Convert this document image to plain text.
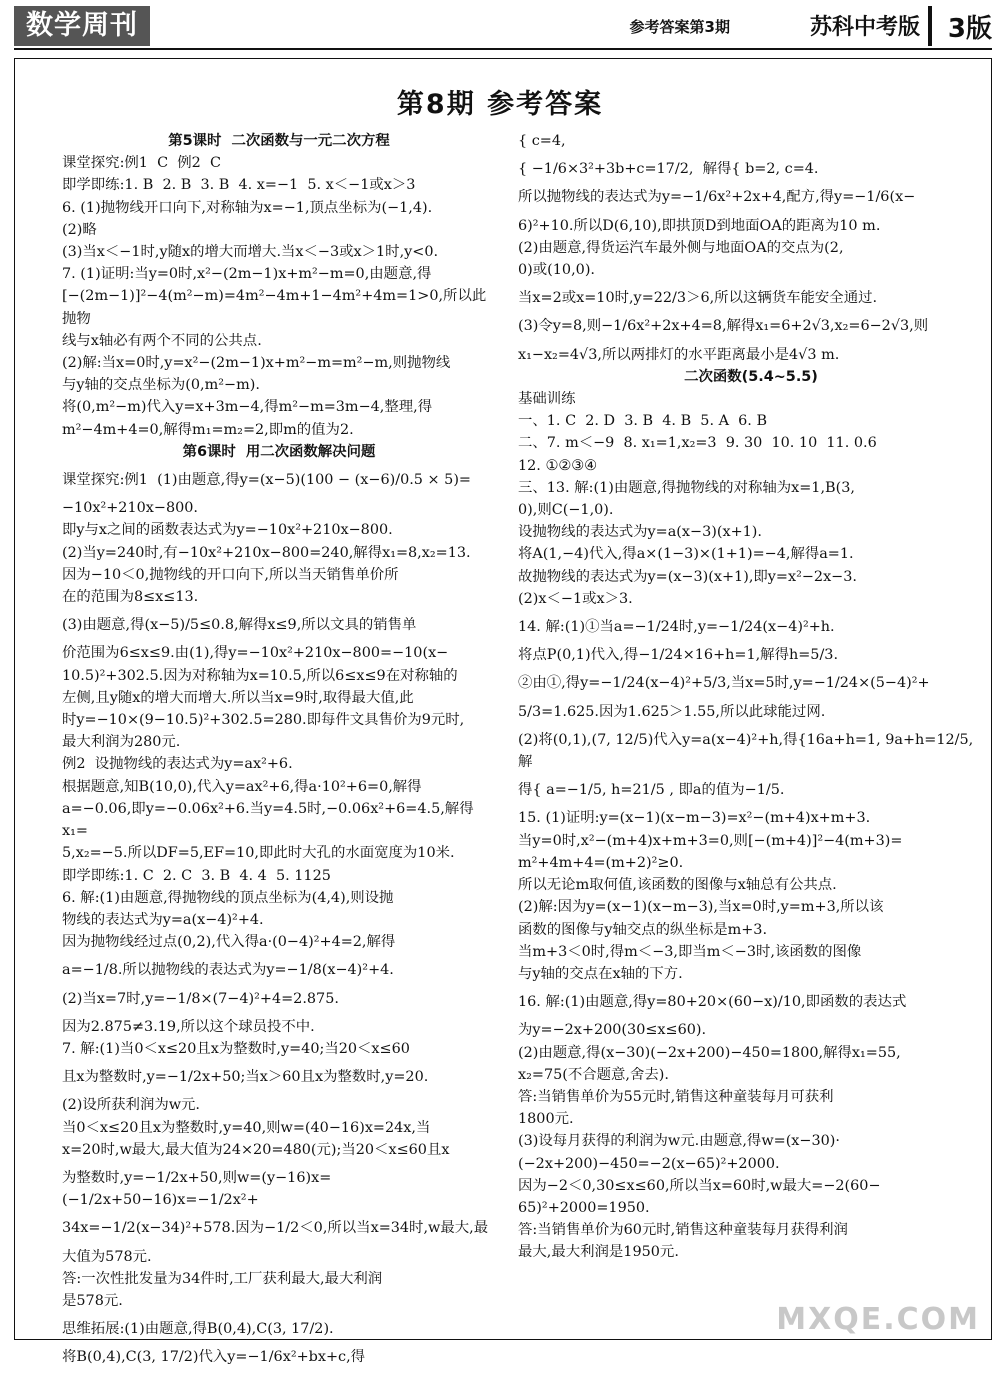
数学周刊	参考答案第3期	苏科中考版 3版
第8期 参考答案

第5课时  二次函数与一元二次方程

课堂探究:例1  C  例2  C

即学即练:1. B  2. B  3. B  4. x=−1  5. x＜−1或x＞3

6. (1)抛物线开口向下,对称轴为x=−1,顶点坐标为(−1,4).

(2)略

(3)当x＜−1时,y随x的增大而增大.当x＜−3或x＞1时,y<0.

7. (1)证明:当y=0时,x²−(2m−1)x+m²−m=0,由题意,得

[−(2m−1)]²−4(m²−m)=4m²−4m+1−4m²+4m=1>0,所以此抛物

线与x轴必有两个不同的公共点.

(2)解:当x=0时,y=x²−(2m−1)x+m²−m=m²−m,则抛物线

与y轴的交点坐标为(0,m²−m).

将(0,m²−m)代入y=x+3m−4,得m²−m=3m−4,整理,得

m²−4m+4=0,解得m₁=m₂=2,即m的值为2.

第6课时  用二次函数解决问题

课堂探究:例1  (1)由题意,得y=(x−5)(100 − (x−6)/0.5 × 5)=

−10x²+210x−800.

即y与x之间的函数表达式为y=−10x²+210x−800.

(2)当y=240时,有−10x²+210x−800=240,解得x₁=8,x₂=13.

因为−10＜0,抛物线的开口向下,所以当天销售单价所

在的范围为8≤x≤13.

(3)由题意,得(x−5)/5≤0.8,解得x≤9,所以文具的销售单

价范围为6≤x≤9.由(1),得y=−10x²+210x−800=−10(x−

10.5)²+302.5.因为对称轴为x=10.5,所以6≤x≤9在对称轴的

左侧,且y随x的增大而增大.所以当x=9时,取得最大值,此

时y=−10×(9−10.5)²+302.5=280.即每件文具售价为9元时,

最大利润为280元.

例2  设抛物线的表达式为y=ax²+6.

根据题意,知B(10,0),代入y=ax²+6,得a·10²+6=0,解得

a=−0.06,即y=−0.06x²+6.当y=4.5时,−0.06x²+6=4.5,解得x₁=

5,x₂=−5.所以DF=5,EF=10,即此时大孔的水面宽度为10米.

即学即练:1. C  2. C  3. B  4. 4  5. 1125

6. 解:(1)由题意,得抛物线的顶点坐标为(4,4),则设抛

物线的表达式为y=a(x−4)²+4.

因为抛物线经过点(0,2),代入得a·(0−4)²+4=2,解得

a=−1/8.所以抛物线的表达式为y=−1/8(x−4)²+4.

(2)当x=7时,y=−1/8×(7−4)²+4=2.875.

因为2.875≠3.19,所以这个球员投不中.

7. 解:(1)当0＜x≤20且x为整数时,y=40;当20＜x≤60

且x为整数时,y=−1/2x+50;当x＞60且x为整数时,y=20.

(2)设所获利润为w元.

当0＜x≤20且x为整数时,y=40,则w=(40−16)x=24x,当

x=20时,w最大,最大值为24×20=480(元);当20＜x≤60且x

为整数时,y=−1/2x+50,则w=(y−16)x=(−1/2x+50−16)x=−1/2x²+

34x=−1/2(x−34)²+578.因为−1/2＜0,所以当x=34时,w最大,最

大值为578元.

答:一次性批发量为34件时,工厂获利最大,最大利润

是578元.

思维拓展:(1)由题意,得B(0,4),C(3, 17/2).

将B(0,4),C(3, 17/2)代入y=−1/6x²+bx+c,得

{ c=4,

{ −1/6×3²+3b+c=17/2,  解得{ b=2, c=4.

所以抛物线的表达式为y=−1/6x²+2x+4,配方,得y=−1/6(x−

6)²+10.所以D(6,10),即拱顶D到地面OA的距离为10 m.

(2)由题意,得货运汽车最外侧与地面OA的交点为(2,

0)或(10,0).

当x=2或x=10时,y=22/3＞6,所以这辆货车能安全通过.

(3)令y=8,则−1/6x²+2x+4=8,解得x₁=6+2√3,x₂=6−2√3,则

x₁−x₂=4√3,所以两排灯的水平距离最小是4√3 m.

二次函数(5.4~5.5)

基础训练

一、1. C  2. D  3. B  4. B  5. A  6. B

二、7. m＜−9  8. x₁=1,x₂=3  9. 30  10. 10  11. 0.6

12. ①②③④

三、13. 解:(1)由题意,得抛物线的对称轴为x=1,B(3,

0),则C(−1,0).

设抛物线的表达式为y=a(x−3)(x+1).

将A(1,−4)代入,得a×(1−3)×(1+1)=−4,解得a=1.

故抛物线的表达式为y=(x−3)(x+1),即y=x²−2x−3.

(2)x＜−1或x＞3.

14. 解:(1)①当a=−1/24时,y=−1/24(x−4)²+h.

将点P(0,1)代入,得−1/24×16+h=1,解得h=5/3.

②由①,得y=−1/24(x−4)²+5/3,当x=5时,y=−1/24×(5−4)²+

5/3=1.625.因为1.625＞1.55,所以此球能过网.

(2)将(0,1),(7, 12/5)代入y=a(x−4)²+h,得{16a+h=1, 9a+h=12/5,解

得{ a=−1/5, h=21/5 , 即a的值为−1/5.

15. (1)证明:y=(x−1)(x−m−3)=x²−(m+4)x+m+3.

当y=0时,x²−(m+4)x+m+3=0,则[−(m+4)]²−4(m+3)=

m²+4m+4=(m+2)²≥0.

所以无论m取何值,该函数的图像与x轴总有公共点.

(2)解:因为y=(x−1)(x−m−3),当x=0时,y=m+3,所以该

函数的图像与y轴交点的纵坐标是m+3.

当m+3＜0时,得m＜−3,即当m＜−3时,该函数的图像

与y轴的交点在x轴的下方.

16. 解:(1)由题意,得y=80+20×(60−x)/10,即函数的表达式

为y=−2x+200(30≤x≤60).

(2)由题意,得(x−30)(−2x+200)−450=1800,解得x₁=55,

x₂=75(不合题意,舍去).

答:当销售单价为55元时,销售这种童装每月可获利

1800元.

(3)设每月获得的利润为w元.由题意,得w=(x−30)·

(−2x+200)−450=−2(x−65)²+2000.

因为−2＜0,30≤x≤60,所以当x=60时,w最大=−2(60−

65)²+2000=1950.

答:当销售单价为60元时,销售这种童装每月获得利润

最大,最大利润是1950元.

MXQE.COM
